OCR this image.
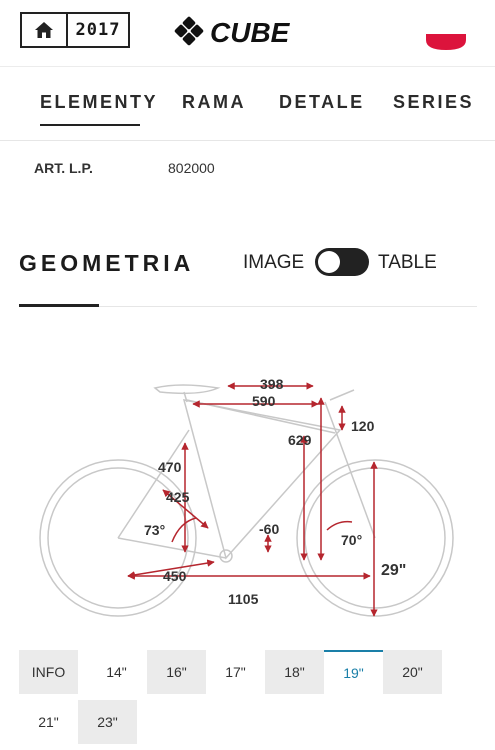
2017	CUBE
ELEMENTY RAMA DETALE SERIES
ART. L.P.	802000
GEOMETRIA	IMAGE	TABLE
398
590
120
629
470
425
73°	-60
70°
29"
450
1105
INFO	14"	16"	17"	18"	19"	20"
21"	23"
